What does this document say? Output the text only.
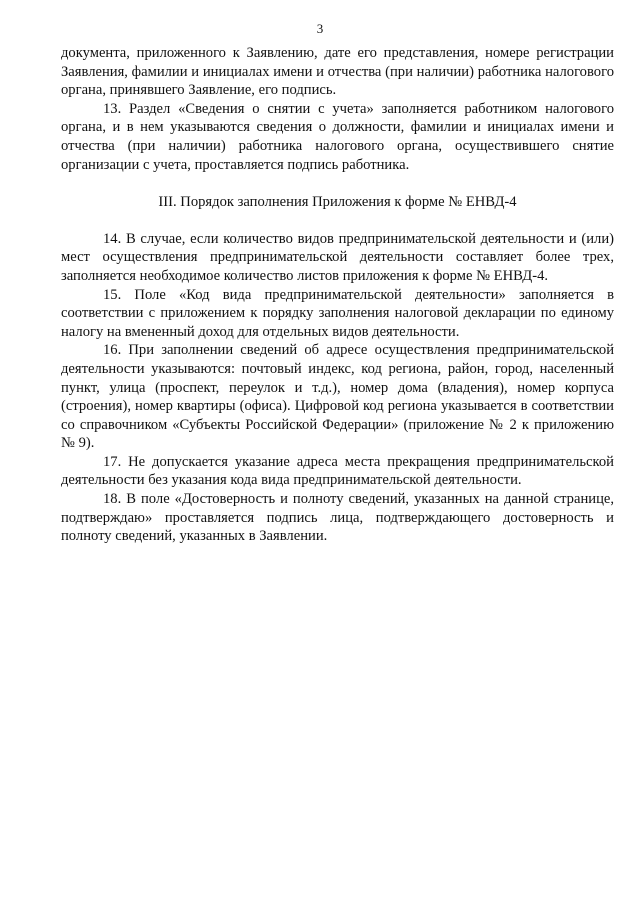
3

документа, приложенного к Заявлению, дате его представления, номере регистрации Заявления, фамилии и инициалах имени и отчества (при наличии) работника налогового органа, принявшего Заявление, его подпись.

13. Раздел «Сведения о снятии с учета» заполняется работником налогового органа, и в нем указываются сведения о должности, фамилии и инициалах имени и отчества (при наличии) работника налогового органа, осуществившего снятие организации с учета, проставляется подпись работника.

III. Порядок заполнения Приложения к форме № ЕНВД-4

14. В случае, если количество видов предпринимательской деятельности и (или) мест осуществления предпринимательской деятельности составляет более трех, заполняется необходимое количество листов приложения к форме № ЕНВД-4.

15. Поле «Код вида предпринимательской деятельности» заполняется в соответствии с приложением к порядку заполнения налоговой декларации по единому налогу на вмененный доход для отдельных видов деятельности.

16. При заполнении сведений об адресе осуществления предпринимательской деятельности указываются: почтовый индекс, код региона, район, город, населенный пункт, улица (проспект, переулок и т.д.), номер дома (владения), номер корпуса (строения), номер квартиры (офиса). Цифровой код региона указывается в соответствии со справочником «Субъекты Российской Федерации» (приложение № 2 к приложению № 9).

17. Не допускается указание адреса места прекращения предпринимательской деятельности без указания кода вида предпринимательской деятельности.

18. В поле «Достоверность и полноту сведений, указанных на данной странице, подтверждаю» проставляется подпись лица, подтверждающего достоверность и полноту сведений, указанных в Заявлении.
